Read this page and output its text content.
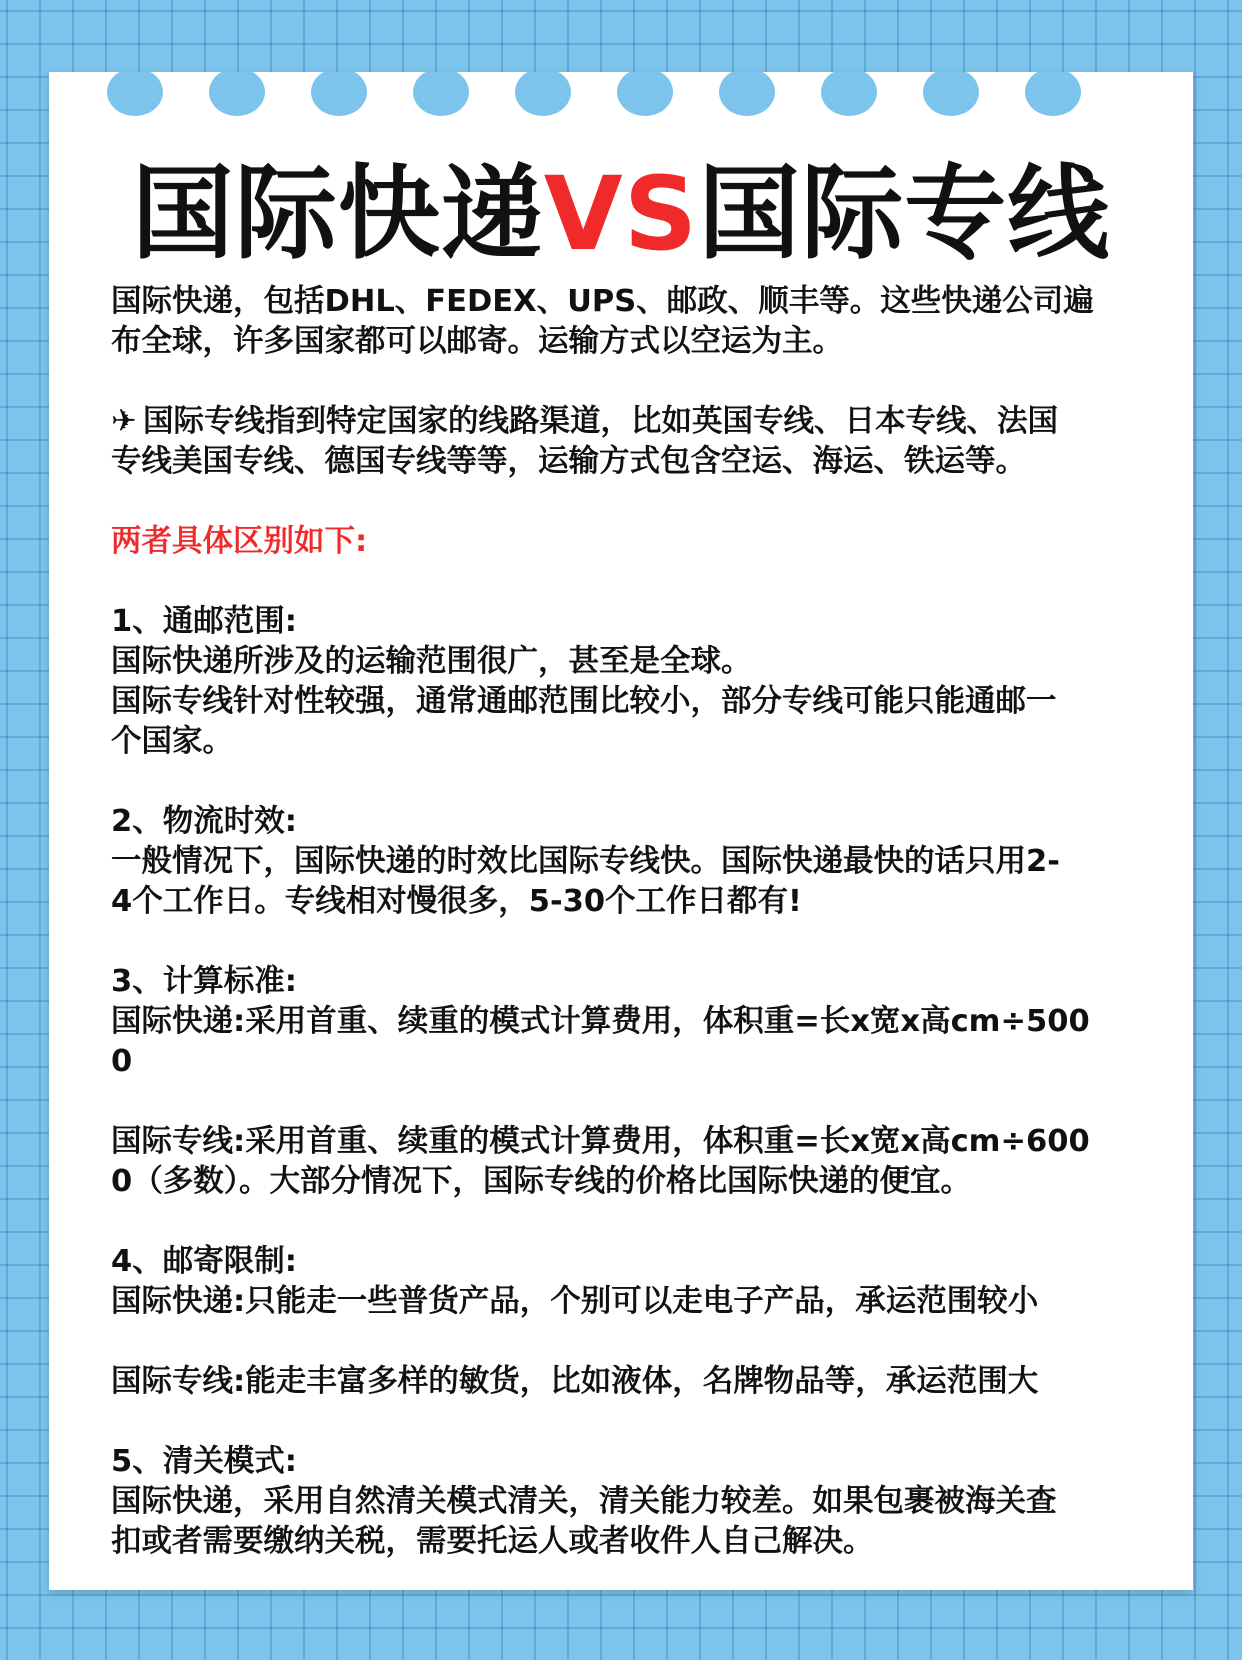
国际快递VS国际专线

国际快递，包括DHL、FEDEX、UPS、邮政、顺丰等。这些快递公司遍

布全球，许多国家都可以邮寄。运输方式以空运为主。

✈ 国际专线指到特定国家的线路渠道，比如英国专线、日本专线、法国

专线美国专线、德国专线等等，运输方式包含空运、海运、铁运等。

两者具体区别如下:

1、通邮范围:

国际快递所涉及的运输范围很广，甚至是全球。

国际专线针对性较强，通常通邮范围比较小，部分专线可能只能通邮一

个国家。

2、物流时效:

一般情况下，国际快递的时效比国际专线快。国际快递最快的话只用2-

4个工作日。专线相对慢很多，5-30个工作日都有!

3、计算标准:

国际快递:采用首重、续重的模式计算费用，体积重=长x宽x高cm÷500

0

国际专线:采用首重、续重的模式计算费用，体积重=长x宽x高cm÷600

0（多数）。大部分情况下，国际专线的价格比国际快递的便宜。

4、邮寄限制:

国际快递:只能走一些普货产品，个别可以走电子产品，承运范围较小

国际专线:能走丰富多样的敏货，比如液体，名牌物品等，承运范围大

5、清关模式:

国际快递，采用自然清关模式清关，清关能力较差。如果包裹被海关查

扣或者需要缴纳关税，需要托运人或者收件人自己解决。
